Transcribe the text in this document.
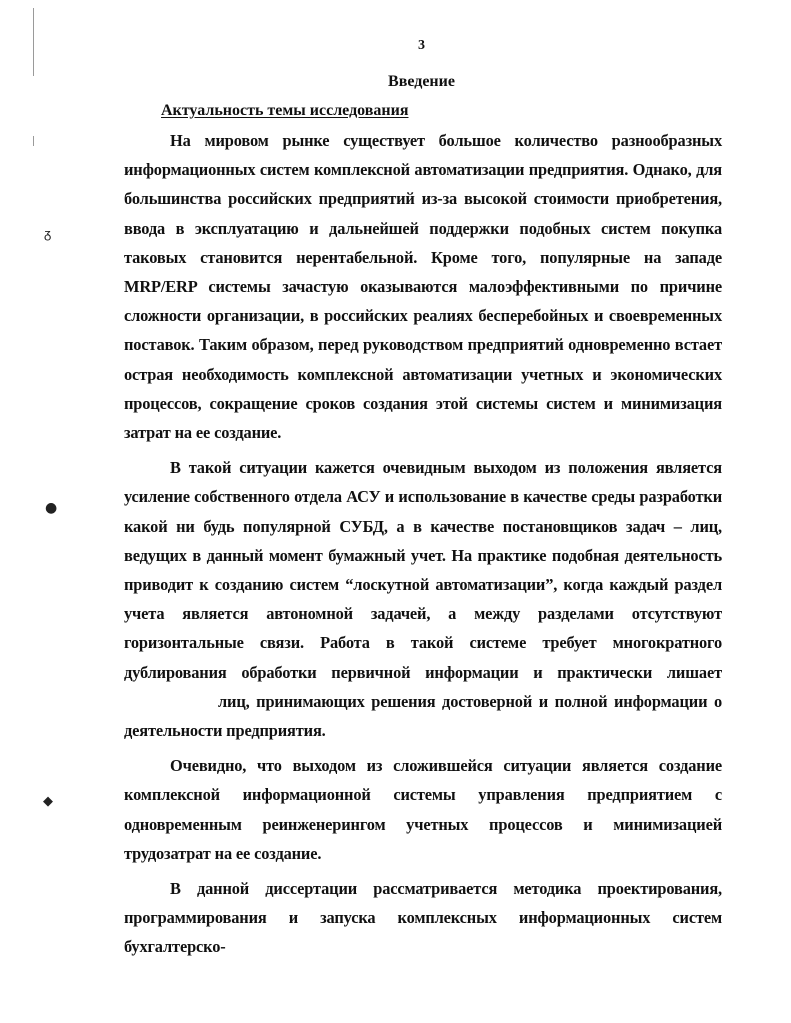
ᵹ
●
◆
3
Введение
Актуальность темы исследования

На мировом рынке существует большое количество разнообразных информационных систем комплексной автоматизации предприятия. Однако, для большинства российских предприятий из-за высокой стоимости приобретения, ввода в эксплуатацию и дальнейшей поддержки подобных систем покупка таковых становится нерентабельной. Кроме того, популярные на западе MRP/ERP системы зачастую оказываются малоэффективными по причине сложности организации, в российских реалиях бесперебойных и своевременных поставок. Таким образом, перед руководством предприятий одновременно встает острая необходимость комплексной автоматизации учетных и экономических процессов, сокращение сроков создания этой системы систем и минимизация затрат на ее создание.

В такой ситуации кажется очевидным выходом из положения является усиление собственного отдела АСУ и использование в качестве среды разработки какой ни будь популярной СУБД, а в качестве постановщиков задач – лиц, ведущих в данный момент бумажный учет. На практике подобная деятельность приводит к созданию систем “лоскутной автоматизации”, когда каждый раздел учета является автономной задачей, а между разделами отсутствуют горизонтальные связи. Работа в такой системе требует многократного дублирования обработки первичной информации и практически лишаетлиц, принимающих решения достоверной и полной информации о деятельности предприятия.

Очевидно, что выходом из сложившейся ситуации является создание комплексной информационной системы управления предприятием с одновременным реинженерингом учетных процессов и минимизацией трудозатрат на ее создание.

В данной диссертации рассматривается методика проектирования, программирования и запуска комплексных информационных систем бухгалтерско-
